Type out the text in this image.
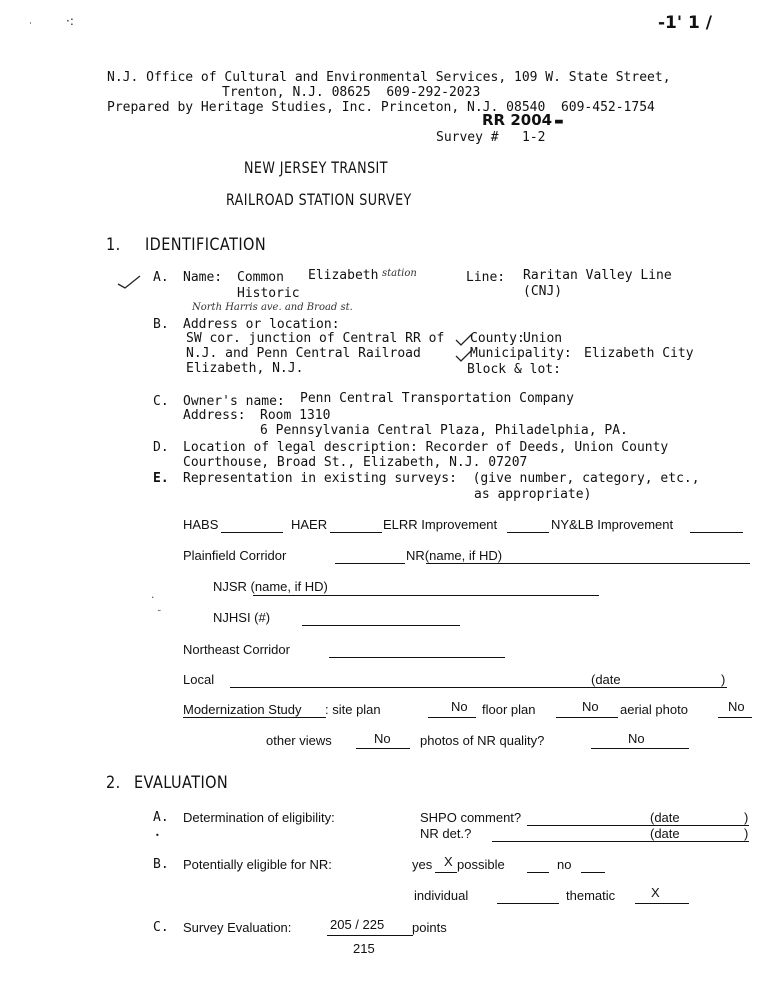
˙	·:	-1' 1 /
N.J. Office of Cultural and Environmental Services, 109 W. State Street,
Trenton, N.J. 08625  609-292-2023
Prepared by Heritage Studies, Inc. Princeton, N.J. 08540  609-452-1754
RR 2004 ▬
Survey # 1-2
NEW JERSEY TRANSIT
RAILROAD STATION SURVEY
1. IDENTIFICATION
A. Name: Common Elizabeth station
Historic
North Harris ave. and Broad st.
Line: Raritan Valley Line
(CNJ)
B. Address or location:
SW cor. junction of Central RR of
N.J. and Penn Central Railroad
Elizabeth, N.J.
County:
Union
Municipality: Elizabeth City
Block & lot:
C. Owner's name: Penn Central Transportation Company
Address: Room 1310
6 Pennsylvania Central Plaza, Philadelphia, PA.
D. Location of legal description: Recorder of Deeds, Union County
Courthouse, Broad St., Elizabeth, N.J. 07207
E. Representation in existing surveys:  (give number, category, etc.,
as appropriate)
HABS	HAER	ELRR Improvement	NY&LB Improvement
Plainfield Corridor	NR(name, if HD)
⸼	NJSR (name, if HD)
˘	NJHSI (#)
Northeast Corridor
Local	(date	)
Modernization Study : site plan	No floor plan	No aerial photo	No
other views	No photos of NR quality?	No
2. EVALUATION
A. Determination of eligibility:	SHPO comment?	(date	)
•	NR det.?	(date	)
B. Potentially eligible for NR:	yes X possible	no
individual	thematic	X
C. Survey Evaluation:	205 / 225 points
215
